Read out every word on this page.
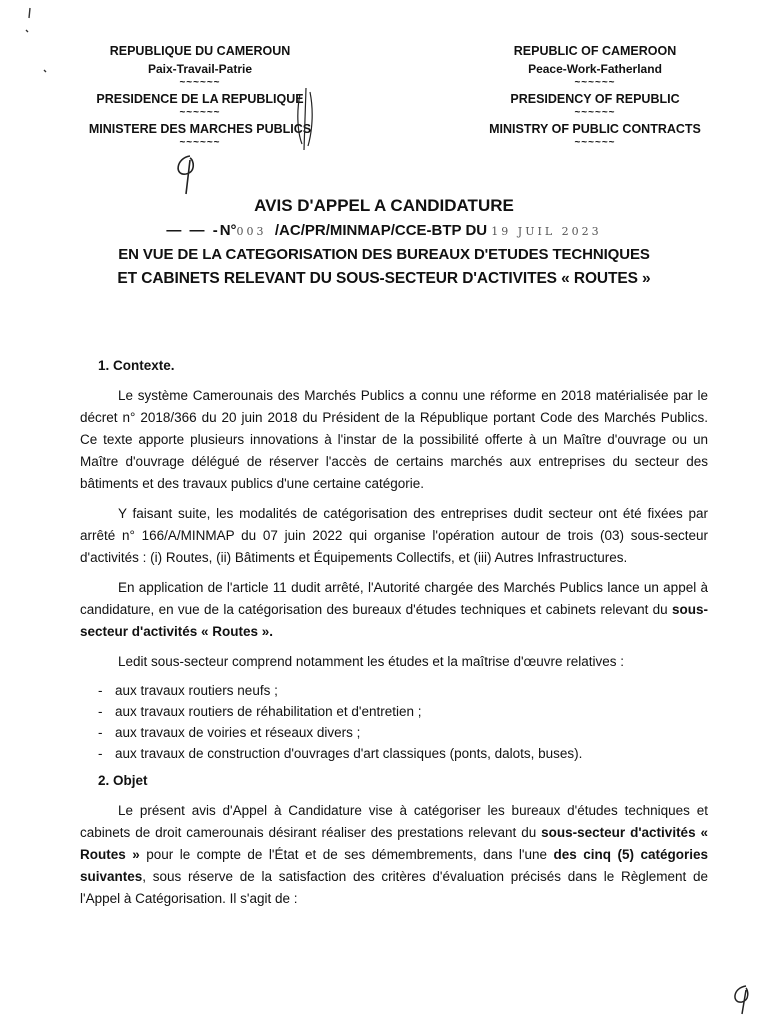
REPUBLIQUE DU CAMEROUN
Paix-Travail-Patrie
~~~~~~
PRESIDENCE DE LA REPUBLIQUE
~~~~~~
MINISTERE DES MARCHES PUBLICS
~~~~~~
REPUBLIC OF CAMEROON
Peace-Work-Fatherland
~~~~~~
PRESIDENCY OF REPUBLIC
~~~~~~
MINISTRY OF PUBLIC CONTRACTS
~~~~~~
AVIS D'APPEL A CANDIDATURE
— — -N°003 /AC/PR/MINMAP/CCE-BTP DU 19 JUIL 2023
EN VUE DE LA CATEGORISATION DES BUREAUX D'ETUDES TECHNIQUES
ET CABINETS RELEVANT DU SOUS-SECTEUR D'ACTIVITES « ROUTES »
1. Contexte.

Le système Camerounais des Marchés Publics a connu une réforme en 2018 matérialisée par le décret n° 2018/366 du 20 juin 2018 du Président de la République portant Code des Marchés Publics. Ce texte apporte plusieurs innovations à l'instar de la possibilité offerte à un Maître d'ouvrage ou un Maître d'ouvrage délégué de réserver l'accès de certains marchés aux entreprises du secteur des bâtiments et des travaux publics d'une certaine catégorie.

Y faisant suite, les modalités de catégorisation des entreprises dudit secteur ont été fixées par arrêté n° 166/A/MINMAP du 07 juin 2022 qui organise l'opération autour de trois (03) sous-secteur d'activités : (i) Routes, (ii) Bâtiments et Équipements Collectifs, et (iii) Autres Infrastructures.

En application de l'article 11 dudit arrêté, l'Autorité chargée des Marchés Publics lance un appel à candidature, en vue de la catégorisation des bureaux d'études techniques et cabinets relevant du sous-secteur d'activités « Routes ».

Ledit sous-secteur comprend notamment les études et la maîtrise d'œuvre relatives :

- aux travaux routiers neufs ;
- aux travaux routiers de réhabilitation et d'entretien ;
- aux travaux de voiries et réseaux divers ;
- aux travaux de construction d'ouvrages d'art classiques (ponts, dalots, buses).
2. Objet

Le présent avis d'Appel à Candidature vise à catégoriser les bureaux d'études techniques et cabinets de droit camerounais désirant réaliser des prestations relevant du sous-secteur d'activités « Routes » pour le compte de l'État et de ses démembrements, dans l'une des cinq (5) catégories suivantes, sous réserve de la satisfaction des critères d'évaluation précisés dans le Règlement de l'Appel à Catégorisation. Il s'agit de :
